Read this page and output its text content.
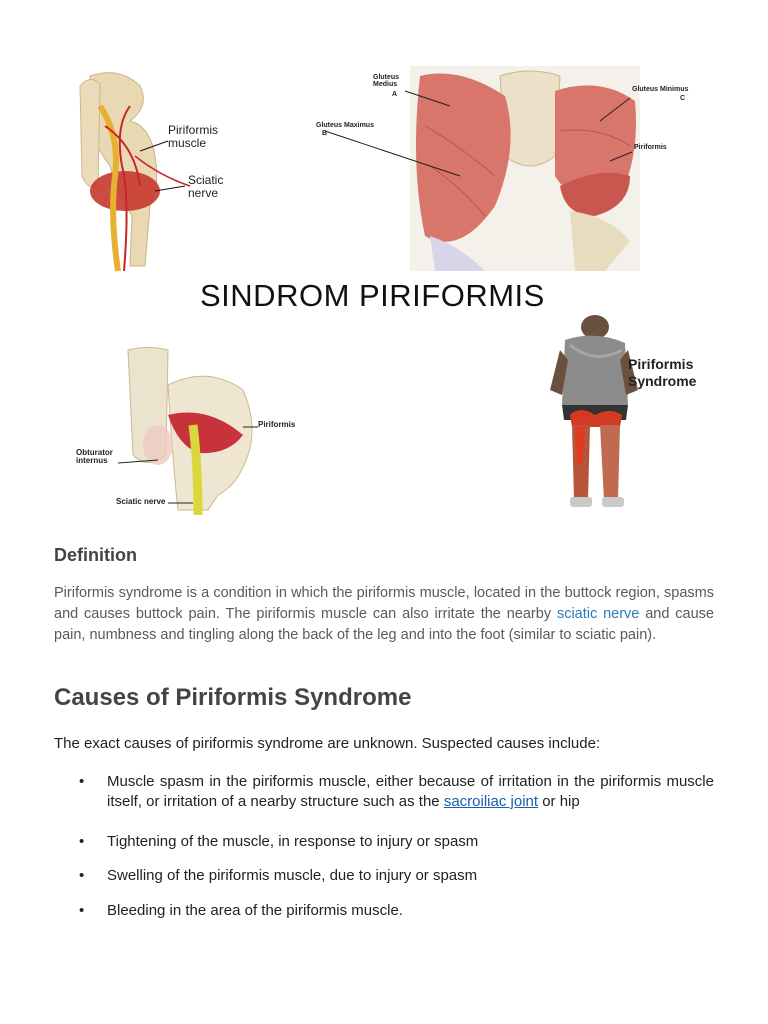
Piriformis muscle
Sciatic nerve
Gluteus Medius
A
Gluteus Maximus
B
Gluteus Minimus
C
Piriformis
SINDROM PIRIFORMIS
Piriformis
Obturator internus
Sciatic nerve
Piriformis
Syndrome
Definition

Piriformis syndrome is a condition in which the piriformis muscle, located in the buttock region, spasms and causes buttock pain. The piriformis muscle can also irritate the nearby sciatic nerve and cause pain, numbness and tingling along the back of the leg and into the foot (similar to sciatic pain).

Causes of Piriformis Syndrome

The exact causes of piriformis syndrome are unknown. Suspected causes include:

• Muscle spasm in the piriformis muscle, either because of irritation in the piriformis muscle itself, or irritation of a nearby structure such as the sacroiliac joint or hip
• Tightening of the muscle, in response to injury or spasm
• Swelling of the piriformis muscle, due to injury or spasm
• Bleeding in the area of the piriformis muscle.
